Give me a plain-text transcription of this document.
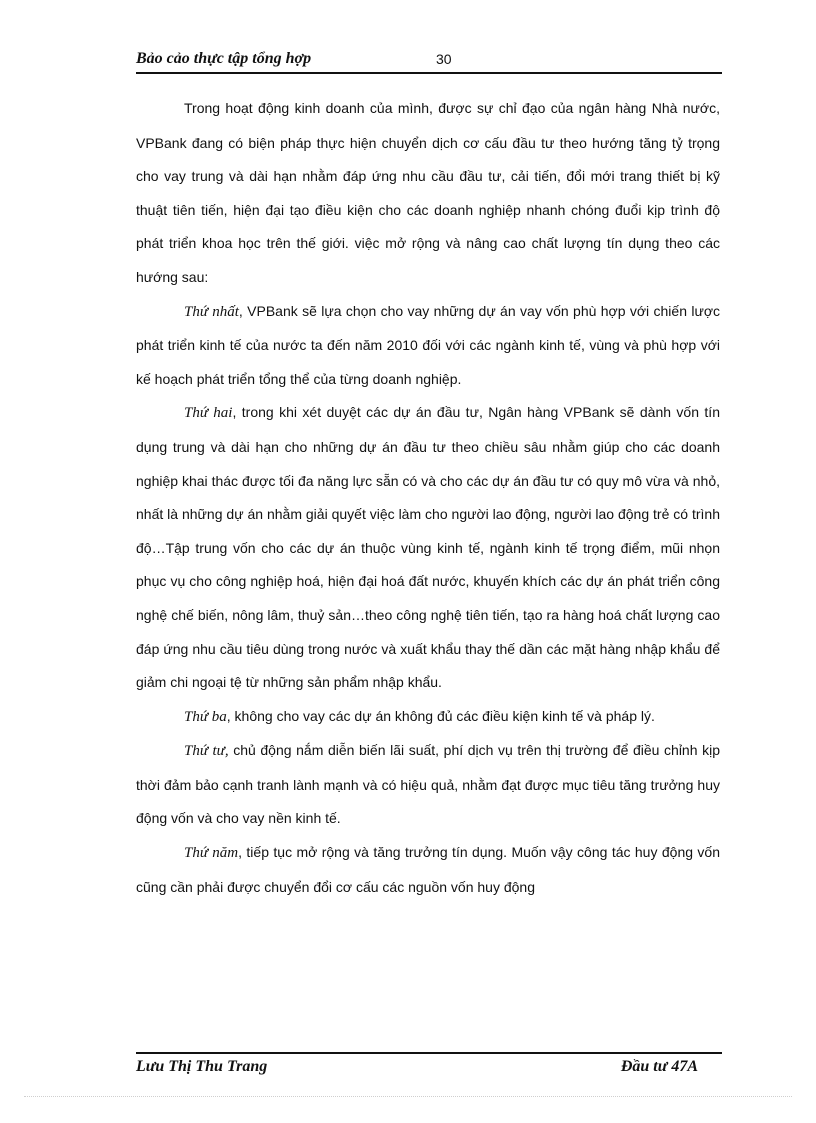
Bảo cảo thực tập tổng hợp	30

Trong hoạt động kinh doanh của mình, được sự chỉ đạo của ngân hàng Nhà nước, VPBank đang có biện pháp thực hiện chuyển dịch cơ cấu đầu tư theo hướng tăng tỷ trọng cho vay trung và dài hạn nhằm đáp ứng nhu cầu đầu tư, cải tiến, đổi mới trang thiết bị kỹ thuật tiên tiến, hiện đại tạo điều kiện cho các doanh nghiệp nhanh chóng đuổi kịp trình độ phát triển khoa học trên thế giới. việc mở rộng và nâng cao chất lượng tín dụng theo các hướng sau:

Thứ nhất, VPBank sẽ lựa chọn cho vay những dự án vay vốn phù hợp với chiến lược phát triển kinh tế của nước ta đến năm 2010 đối với các ngành kinh tế, vùng và phù hợp với kế hoạch phát triển tổng thể của từng doanh nghiệp.

Thứ hai, trong khi xét duyệt các dự án đầu tư, Ngân hàng VPBank sẽ dành vốn tín dụng trung và dài hạn cho những dự án đầu tư theo chiều sâu nhằm giúp cho các doanh nghiệp khai thác được tối đa năng lực sẵn có và cho các dự án đầu tư có quy mô vừa và nhỏ, nhất là những dự án nhằm giải quyết việc làm cho người lao động, người lao động trẻ có trình độ…Tập trung vốn cho các dự án thuộc vùng kinh tế, ngành kinh tế trọng điểm, mũi nhọn phục vụ cho công nghiệp hoá, hiện đại hoá đất nước, khuyến khích các dự án phát triển công nghệ chế biến, nông lâm, thuỷ sản…theo công nghệ tiên tiến, tạo ra hàng hoá chất lượng cao đáp ứng nhu cầu tiêu dùng trong nước và xuất khẩu thay thế dần các mặt hàng nhập khẩu để giảm chi ngoại tệ từ những sản phẩm nhập khẩu.

Thứ ba, không cho vay các dự án không đủ các điều kiện kinh tế và pháp lý.

Thứ tư, chủ động nắm diễn biến lãi suất, phí dịch vụ trên thị trường để điều chỉnh kịp thời đảm bảo cạnh tranh lành mạnh và có hiệu quả, nhằm đạt được mục tiêu tăng trưởng huy động vốn và cho vay nền kinh tế.

Thứ năm, tiếp tục mở rộng và tăng trưởng tín dụng. Muốn vậy công tác huy động vốn cũng cần phải được chuyển đổi cơ cấu các nguồn vốn huy động

Lưu Thị Thu Trang	Đầu tư 47A
